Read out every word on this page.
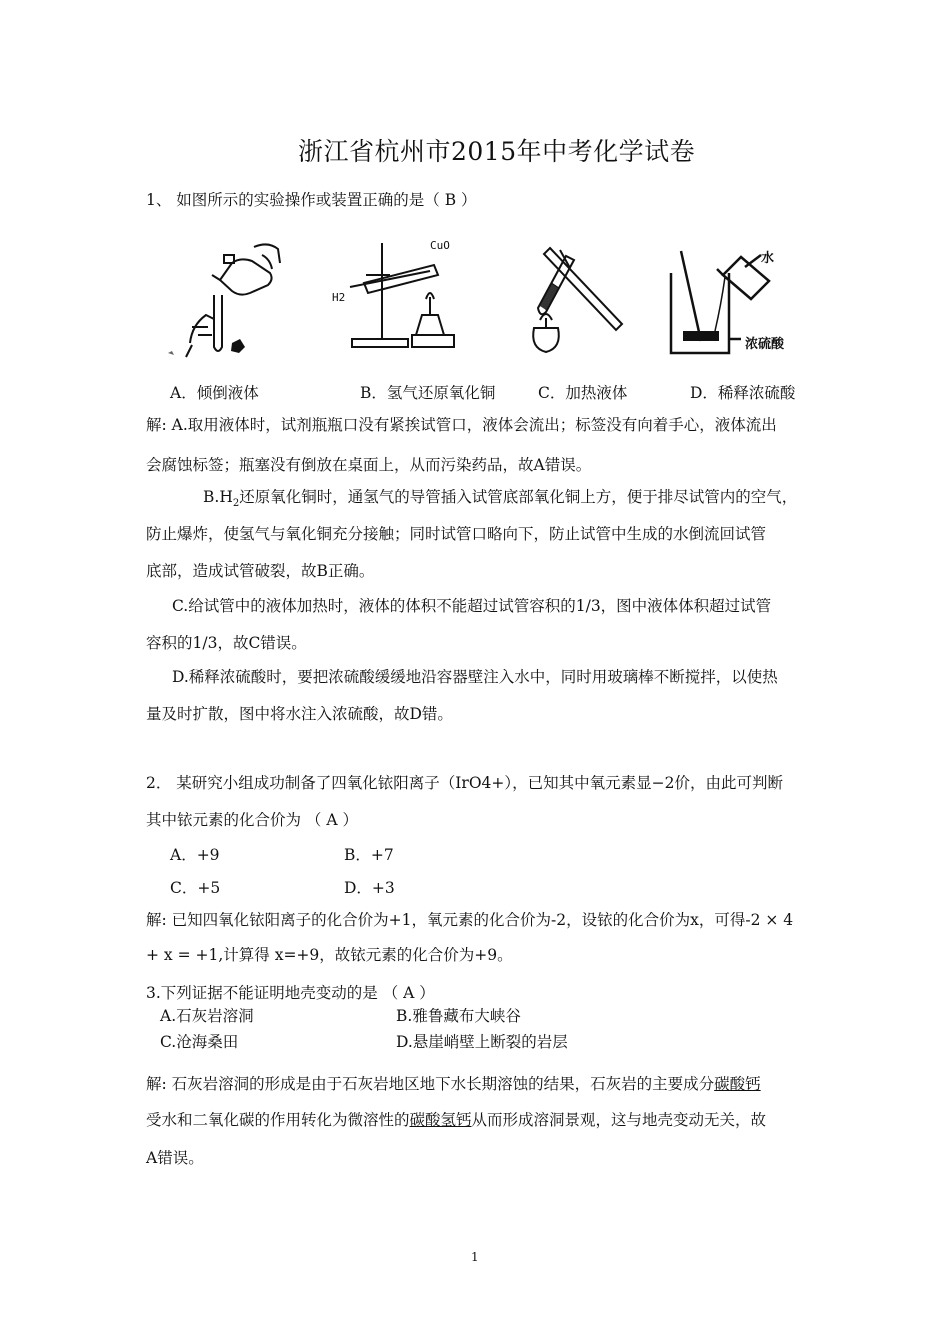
浙江省杭州市2015年中考化学试卷
1、 如图所示的实验操作或装置正确的是（ B ）
CuO
H2
水
浓硫酸
A．倾倒液体	B．氢气还原氧化铜	C．加热液体	D．稀释浓硫酸
解: A.取用液体时，试剂瓶瓶口没有紧挨试管口，液体会流出；标签没有向着手心，液体流出
会腐蚀标签；瓶塞没有倒放在桌面上，从而污染药品，故A错误。
$B.H_2$还原氧化铜时，通氢气的导管插入试管底部氧化铜上方，便于排尽试管内的空气，
防止爆炸，使氢气与氧化铜充分接触；同时试管口略向下，防止试管中生成的水倒流回试管
底部，造成试管破裂，故B正确。
C.给试管中的液体加热时，液体的体积不能超过试管容积的1/3，图中液体体积超过试管
容积的1/3，故C错误。
D.稀释浓硫酸时，要把浓硫酸缓缓地沿容器壁注入水中，同时用玻璃棒不断搅拌，以使热
量及时扩散，图中将水注入浓硫酸，故D错。
2． 某研究小组成功制备了四氧化铱阳离子（IrO4+），已知其中氧元素显−2价，由此可判断
其中铱元素的化合价为 （ A ）
A．+9	B．+7
C．+5	D．+3
解: 已知四氧化铱阳离子的化合价为+1，氧元素的化合价为-2，设铱的化合价为x，可得-2 × 4
+ x = +1,计算得 x=+9，故铱元素的化合价为+9。
3.下列证据不能证明地壳变动的是 （ A ）
A.石灰岩溶洞	B.雅鲁藏布大峡谷
C.沧海桑田	D.悬崖峭壁上断裂的岩层
解: 石灰岩溶洞的形成是由于石灰岩地区地下水长期溶蚀的结果，石灰岩的主要成分碳酸钙
受水和二氧化碳的作用转化为微溶性的碳酸氢钙从而形成溶洞景观，这与地壳变动无关，故
A错误。
1
